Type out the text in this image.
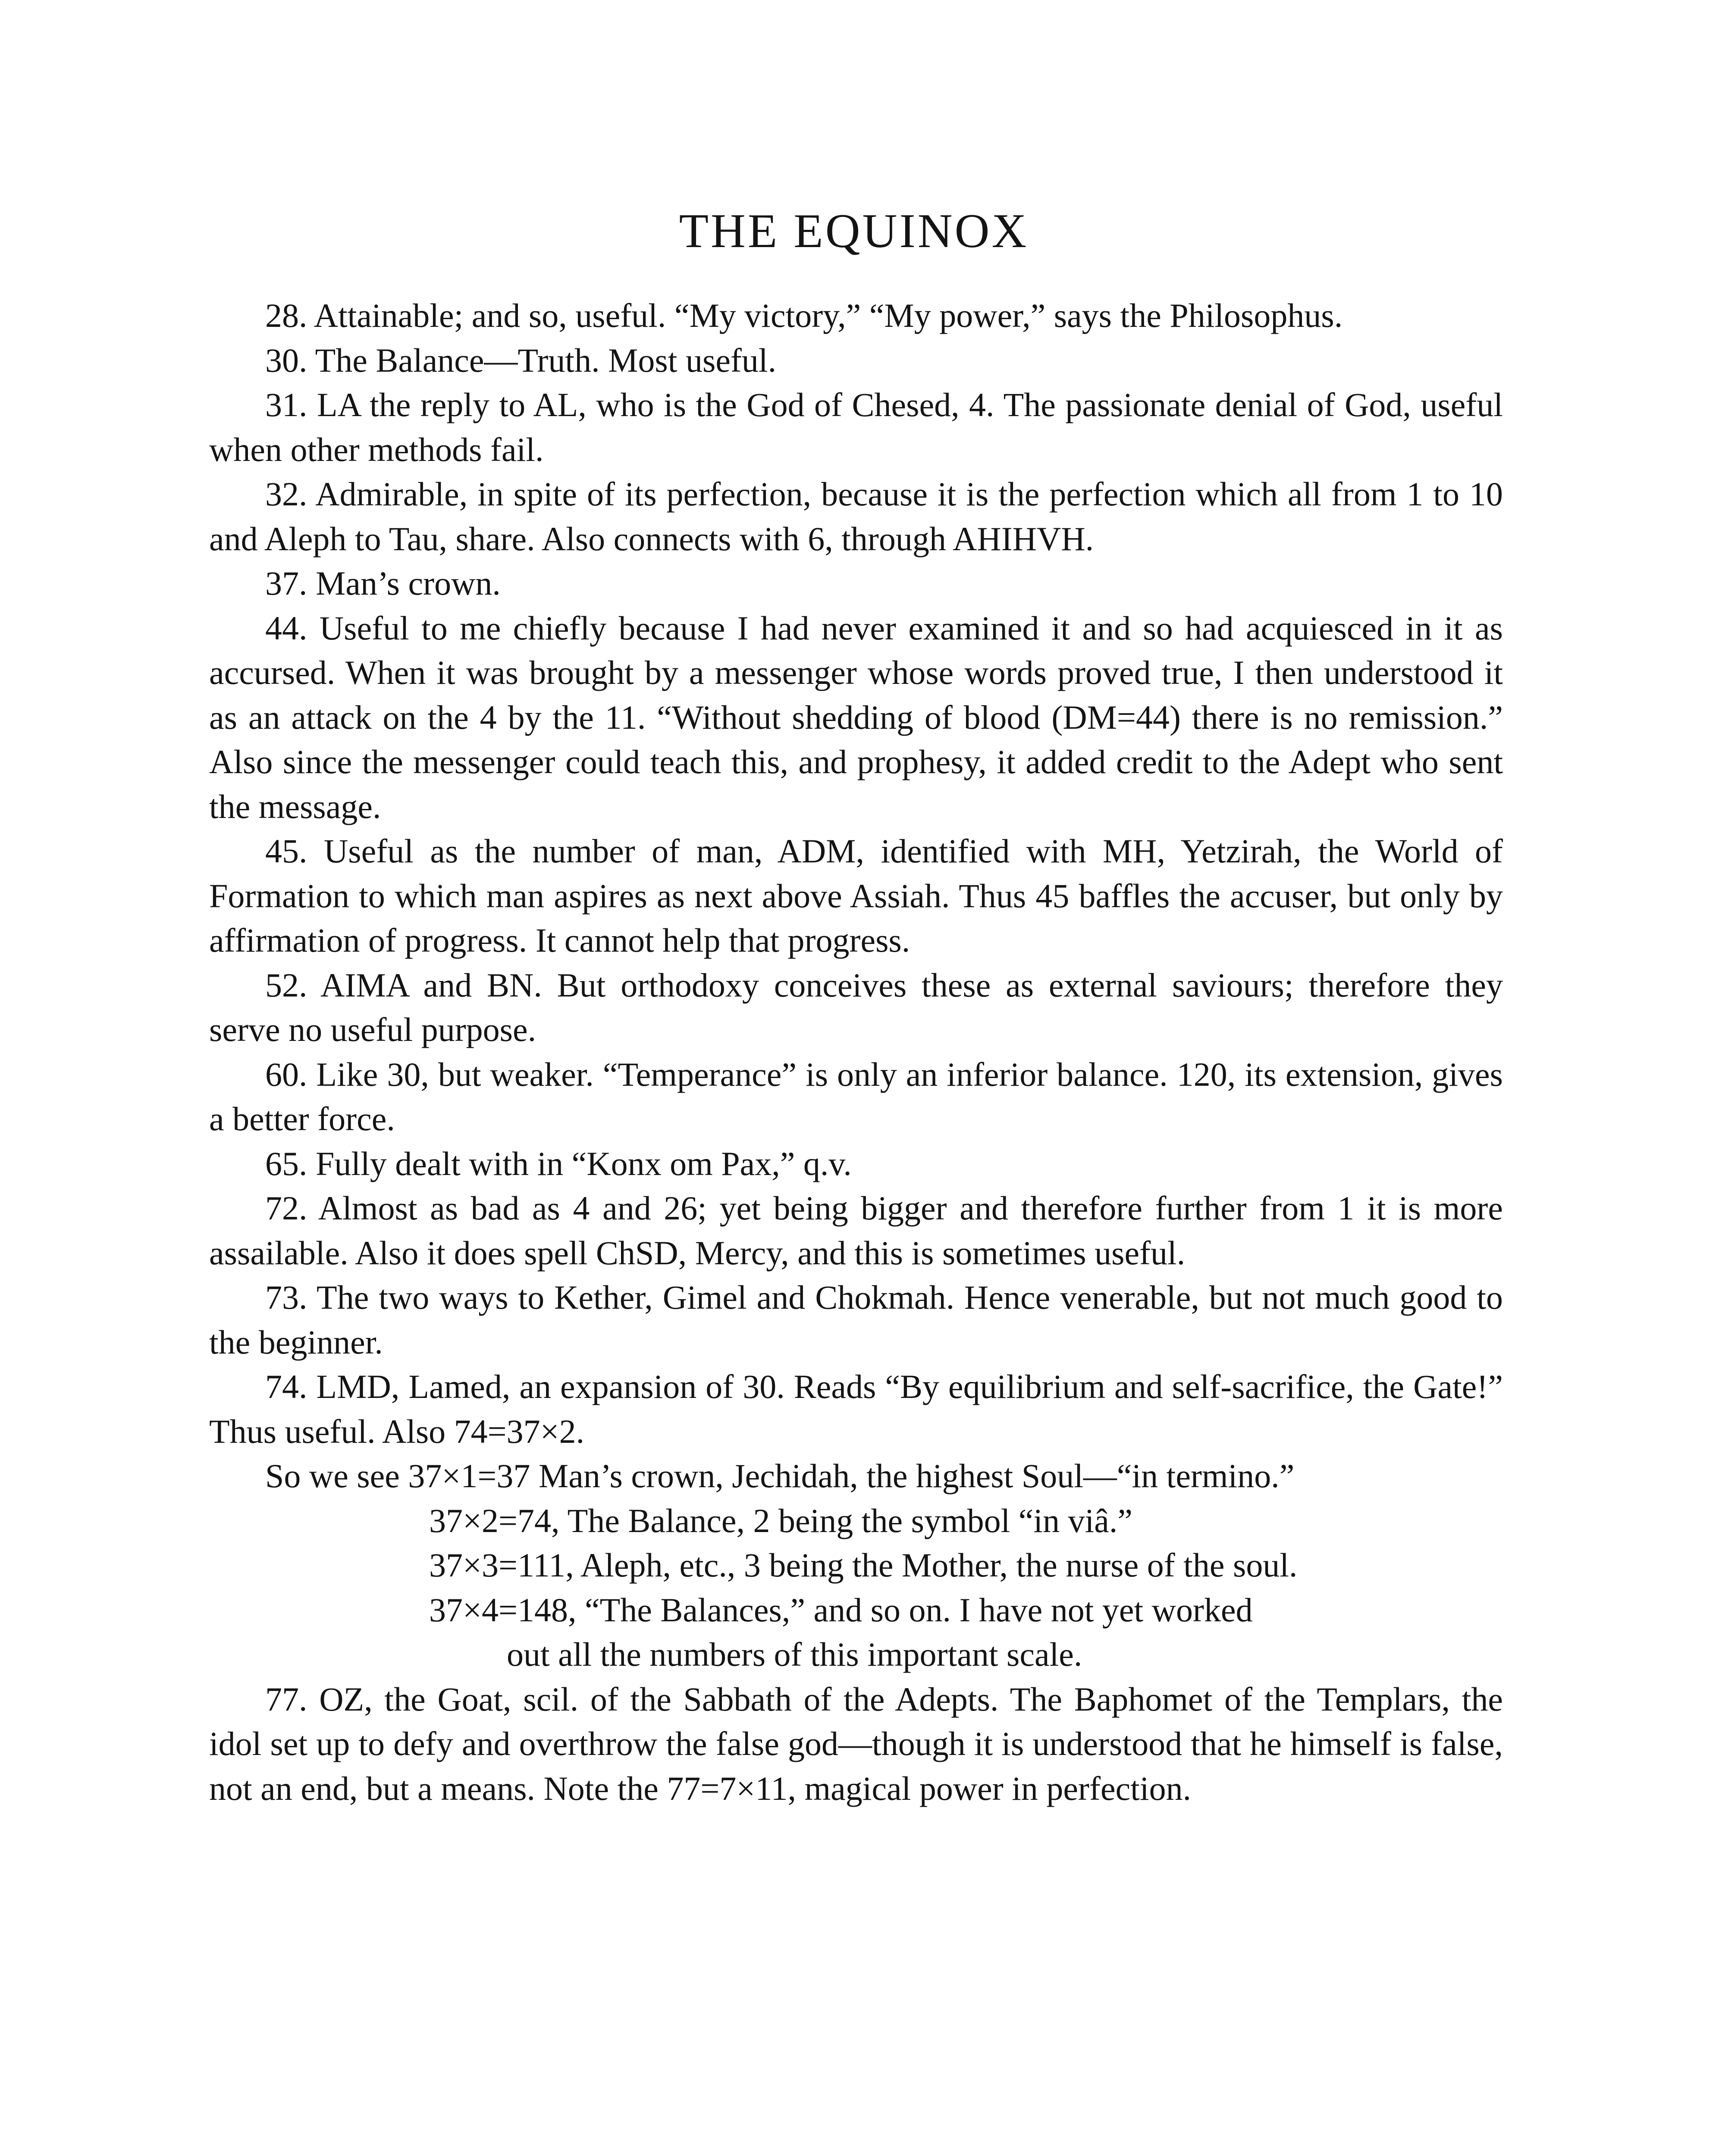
THE EQUINOX

28. Attainable; and so, useful. “My victory,” “My power,” says the Philosophus.

30. The Balance—Truth. Most useful.

31. LA the reply to AL, who is the God of Chesed, 4. The passionate denial of God, useful when other methods fail.

32. Admirable, in spite of its perfection, because it is the perfection which all from 1 to 10 and Aleph to Tau, share. Also connects with 6, through AHIHVH.

37. Man’s crown.

44. Useful to me chiefly because I had never examined it and so had acquiesced in it as accursed. When it was brought by a messenger whose words proved true, I then understood it as an attack on the 4 by the 11. “Without shedding of blood (DM=44) there is no remission.” Also since the messenger could teach this, and prophesy, it added credit to the Adept who sent the message.

45. Useful as the number of man, ADM, identified with MH, Yetzirah, the World of Formation to which man aspires as next above Assiah. Thus 45 baffles the accuser, but only by affirmation of progress. It cannot help that progress.

52. AIMA and BN. But orthodoxy conceives these as external saviours; therefore they serve no useful purpose.

60. Like 30, but weaker. “Temperance” is only an inferior balance. 120, its extension, gives a better force.

65. Fully dealt with in “Konx om Pax,” q.v.

72. Almost as bad as 4 and 26; yet being bigger and therefore further from 1 it is more assailable. Also it does spell ChSD, Mercy, and this is sometimes useful.

73. The two ways to Kether, Gimel and Chokmah. Hence venerable, but not much good to the beginner.

74. LMD, Lamed, an expansion of 30. Reads “By equilibrium and self-sacrifice, the Gate!” Thus useful. Also 74=37×2.

So we see 37×1=37 Man’s crown, Jechidah, the highest Soul—“in termino.”

37×2=74, The Balance, 2 being the symbol “in viâ.”

37×3=111, Aleph, etc., 3 being the Mother, the nurse of the soul.

37×4=148, “The Balances,” and so on. I have not yet worked

out all the numbers of this important scale.

77. OZ, the Goat, scil. of the Sabbath of the Adepts. The Baphomet of the Templars, the idol set up to defy and overthrow the false god—though it is understood that he himself is false, not an end, but a means. Note the 77=7×11, magical power in perfection.
